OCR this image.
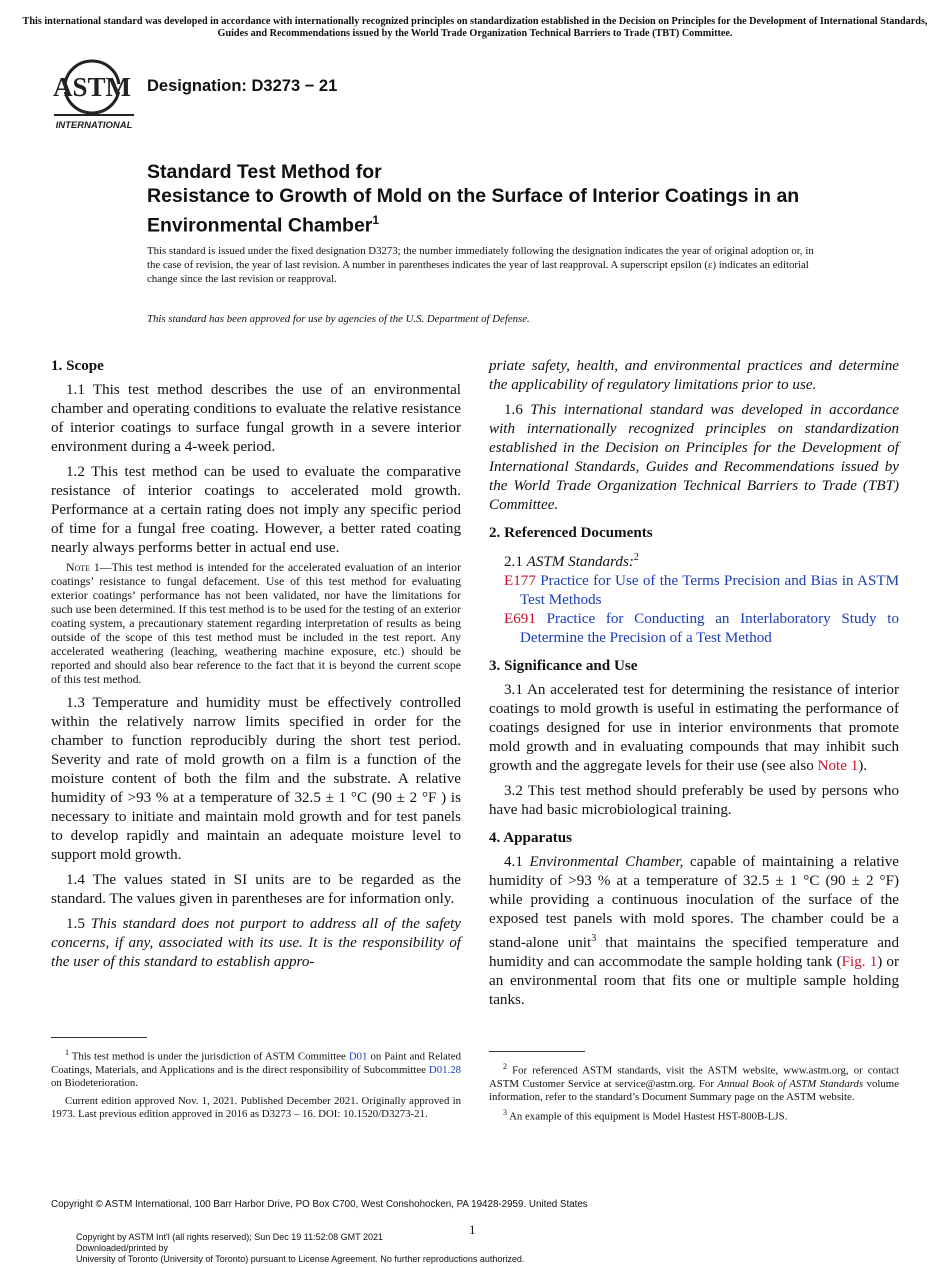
This international standard was developed in accordance with internationally recognized principles on standardization established in the Decision on Principles for the Development of International Standards, Guides and Recommendations issued by the World Trade Organization Technical Barriers to Trade (TBT) Committee.
ASTM
INTERNATIONAL
Designation: D3273 − 21
Standard Test Method for
Resistance to Growth of Mold on the Surface of Interior Coatings in an Environmental Chamber$^1$
This standard is issued under the fixed designation D3273; the number immediately following the designation indicates the year of original adoption or, in the case of revision, the year of last revision. A number in parentheses indicates the year of last reapproval. A superscript epsilon (ε) indicates an editorial change since the last revision or reapproval.
This standard has been approved for use by agencies of the U.S. Department of Defense.

1. Scope

1.1 This test method describes the use of an environmental chamber and operating conditions to evaluate the relative resistance of interior coatings to surface fungal growth in a severe interior environment during a 4-week period.

1.2 This test method can be used to evaluate the comparative resistance of interior coatings to accelerated mold growth. Performance at a certain rating does not imply any specific period of time for a fungal free coating. However, a better rated coating nearly always performs better in actual end use.

Note 1—This test method is intended for the accelerated evaluation of an interior coatings’ resistance to fungal defacement. Use of this test method for evaluating exterior coatings’ performance has not been validated, nor have the limitations for such use been determined. If this test method is to be used for the testing of an exterior coating system, a precautionary statement regarding interpretation of results as being outside of the scope of this test method must be included in the test report. Any accelerated weathering (leaching, weathering machine exposure, etc.) should be reported and should also bear reference to the fact that it is beyond the current scope of this test method.

1.3 Temperature and humidity must be effectively controlled within the relatively narrow limits specified in order for the chamber to function reproducibly during the short test period. Severity and rate of mold growth on a film is a function of the moisture content of both the film and the substrate. A relative humidity of >93 % at a temperature of 32.5 ± 1 °C (90 ± 2 °F ) is necessary to initiate and maintain mold growth and for test panels to develop rapidly and maintain an adequate moisture level to support mold growth.

1.4 The values stated in SI units are to be regarded as the standard. The values given in parentheses are for information only.

1.5 This standard does not purport to address all of the safety concerns, if any, associated with its use. It is the responsibility of the user of this standard to establish appro-

priate safety, health, and environmental practices and determine the applicability of regulatory limitations prior to use.

1.6 This international standard was developed in accordance with internationally recognized principles on standardization established in the Decision on Principles for the Development of International Standards, Guides and Recommendations issued by the World Trade Organization Technical Barriers to Trade (TBT) Committee.

2. Referenced Documents

2.1 ASTM Standards:$^2$

E177 Practice for Use of the Terms Precision and Bias in ASTM Test Methods

E691 Practice for Conducting an Interlaboratory Study to Determine the Precision of a Test Method

3. Significance and Use

3.1 An accelerated test for determining the resistance of interior coatings to mold growth is useful in estimating the performance of coatings designed for use in interior environments that promote mold growth and in evaluating compounds that may inhibit such growth and the aggregate levels for their use (see also Note 1).

3.2 This test method should preferably be used by persons who have had basic microbiological training.

4. Apparatus

4.1 Environmental Chamber, capable of maintaining a relative humidity of >93 % at a temperature of 32.5 ± 1 °C (90 ± 2 °F) while providing a continuous inoculation of the surface of the exposed test panels with mold spores. The chamber could be a stand-alone unit$^3$ that maintains the specified temperature and humidity and can accommodate the sample holding tank (Fig. 1) or an environmental room that fits one or multiple sample holding tanks.

$^1$ This test method is under the jurisdiction of ASTM Committee D01 on Paint and Related Coatings, Materials, and Applications and is the direct responsibility of Subcommittee D01.28 on Biodeterioration.

Current edition approved Nov. 1, 2021. Published December 2021. Originally approved in 1973. Last previous edition approved in 2016 as D3273 – 16. DOI: 10.1520/D3273-21.

$^2$ For referenced ASTM standards, visit the ASTM website, www.astm.org, or contact ASTM Customer Service at service@astm.org. For Annual Book of ASTM Standards volume information, refer to the standard’s Document Summary page on the ASTM website.

$^3$ An example of this equipment is Model Hastest HST-800B-LJS.

Copyright © ASTM International, 100 Barr Harbor Drive, PO Box C700, West Conshohocken, PA 19428-2959. United States
1
Copyright by ASTM Int'l (all rights reserved); Sun Dec 19 11:52:08 GMT 2021
Downloaded/printed by
University of Toronto (University of Toronto) pursuant to License Agreement. No further reproductions authorized.
